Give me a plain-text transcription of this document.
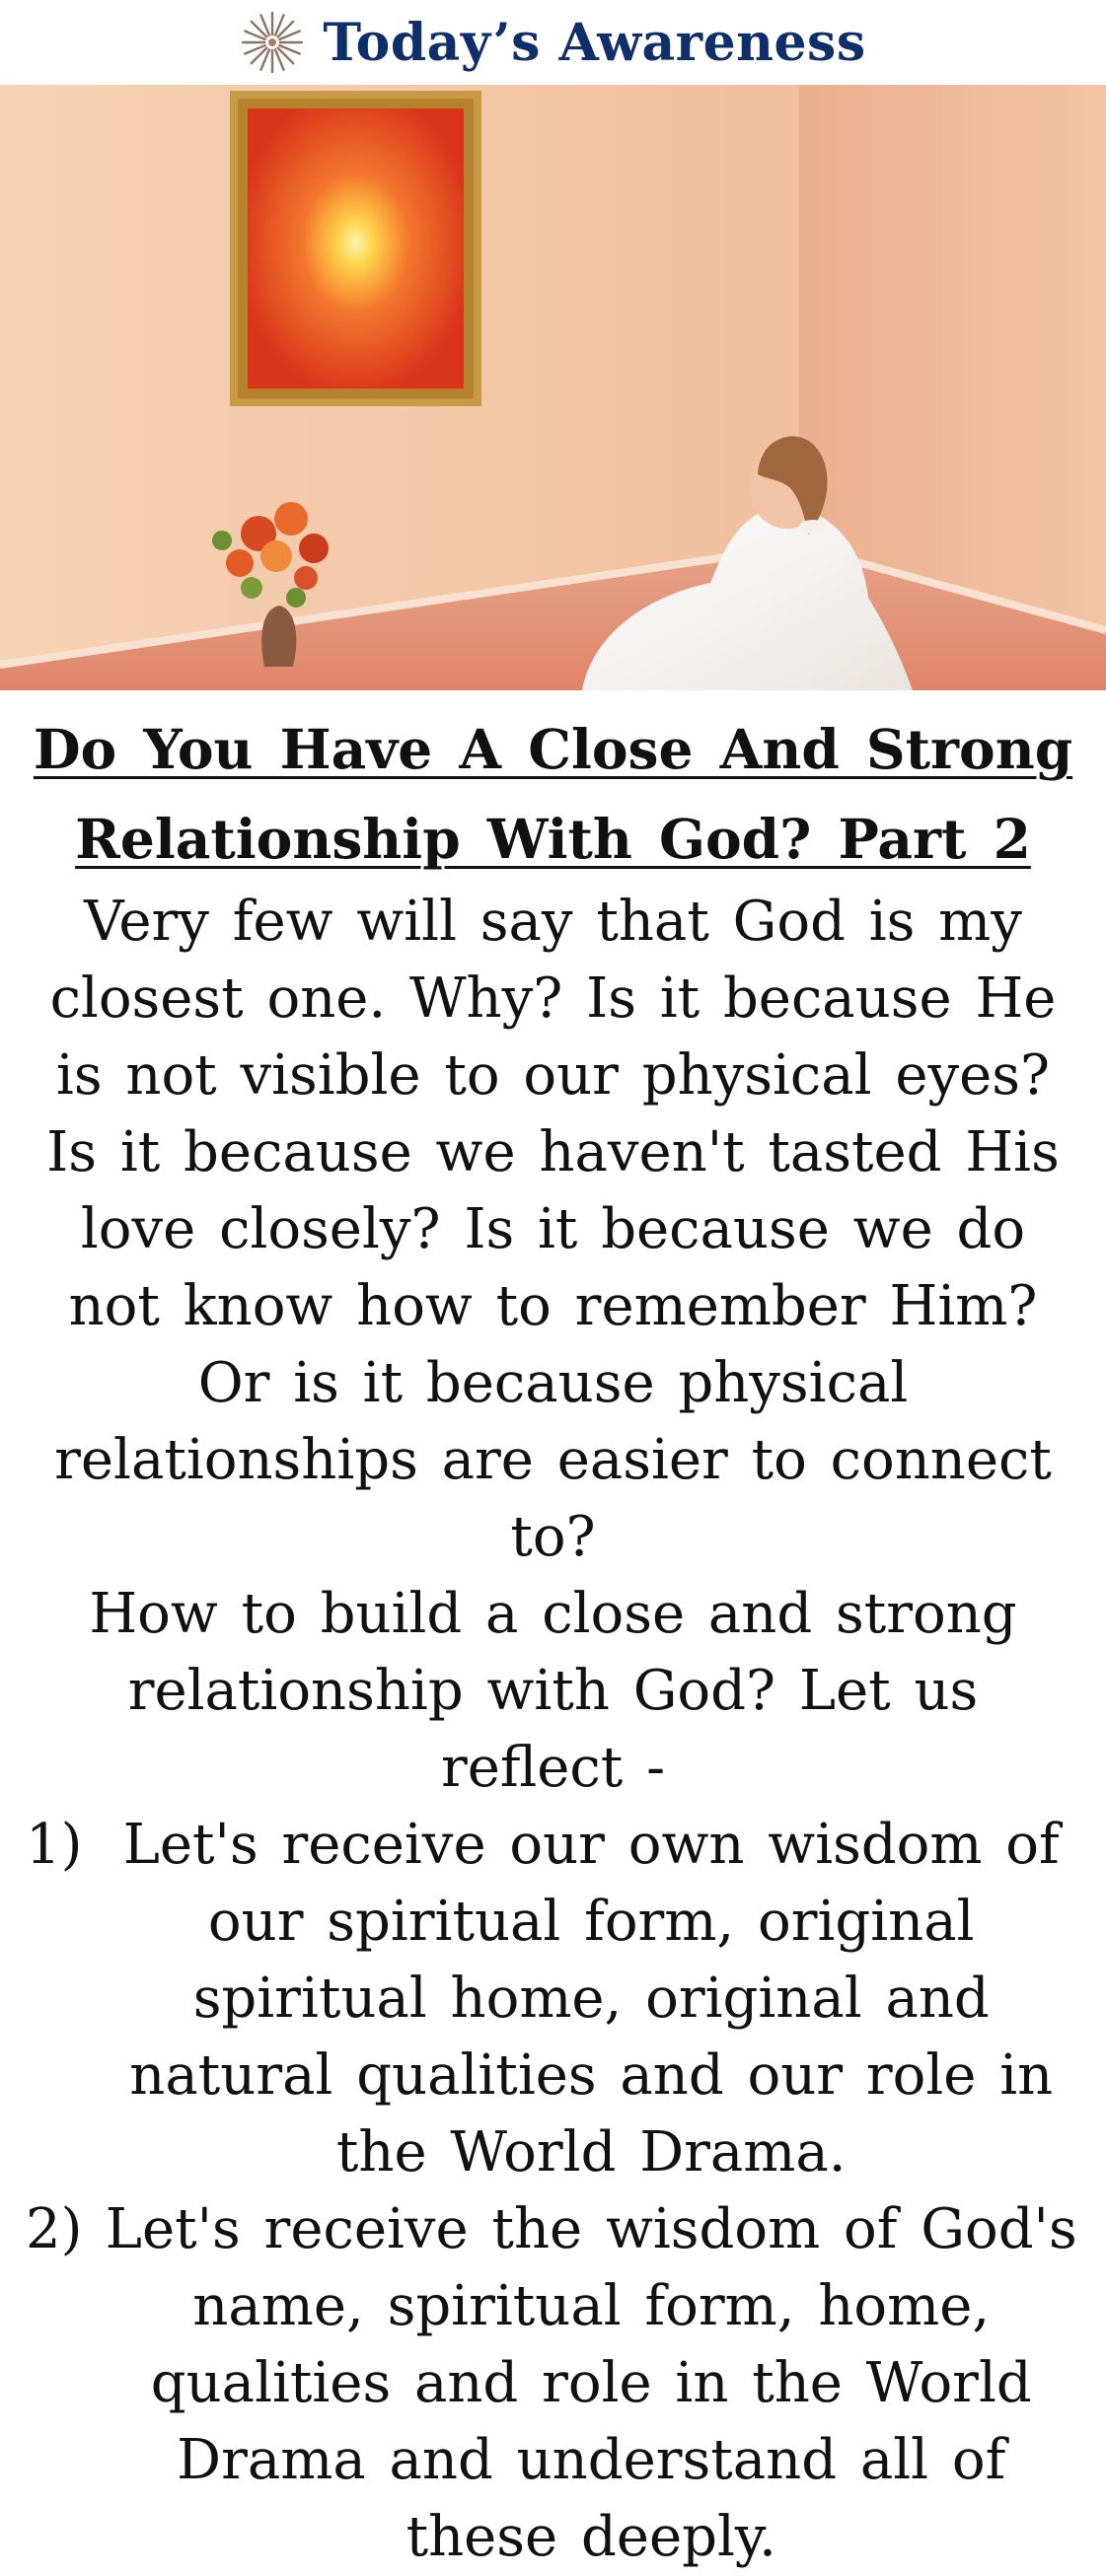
Today’s Awareness
Do You Have A Close And Strong Relationship With God? Part 2

Very few will say that God is my closest one. Why? Is it because He is not visible to our physical eyes? Is it because we haven't tasted His love closely? Is it because we do not know how to remember Him? Or is it because physical relationships are easier to connect to?

How to build a close and strong relationship with God? Let us reflect -

1) Let's receive our own wisdom of our spiritual form, original spiritual home, original and natural qualities and our role in the World Drama.
2) Let's receive the wisdom of God's name, spiritual form, home, qualities and role in the World Drama and understand all of these deeply.
